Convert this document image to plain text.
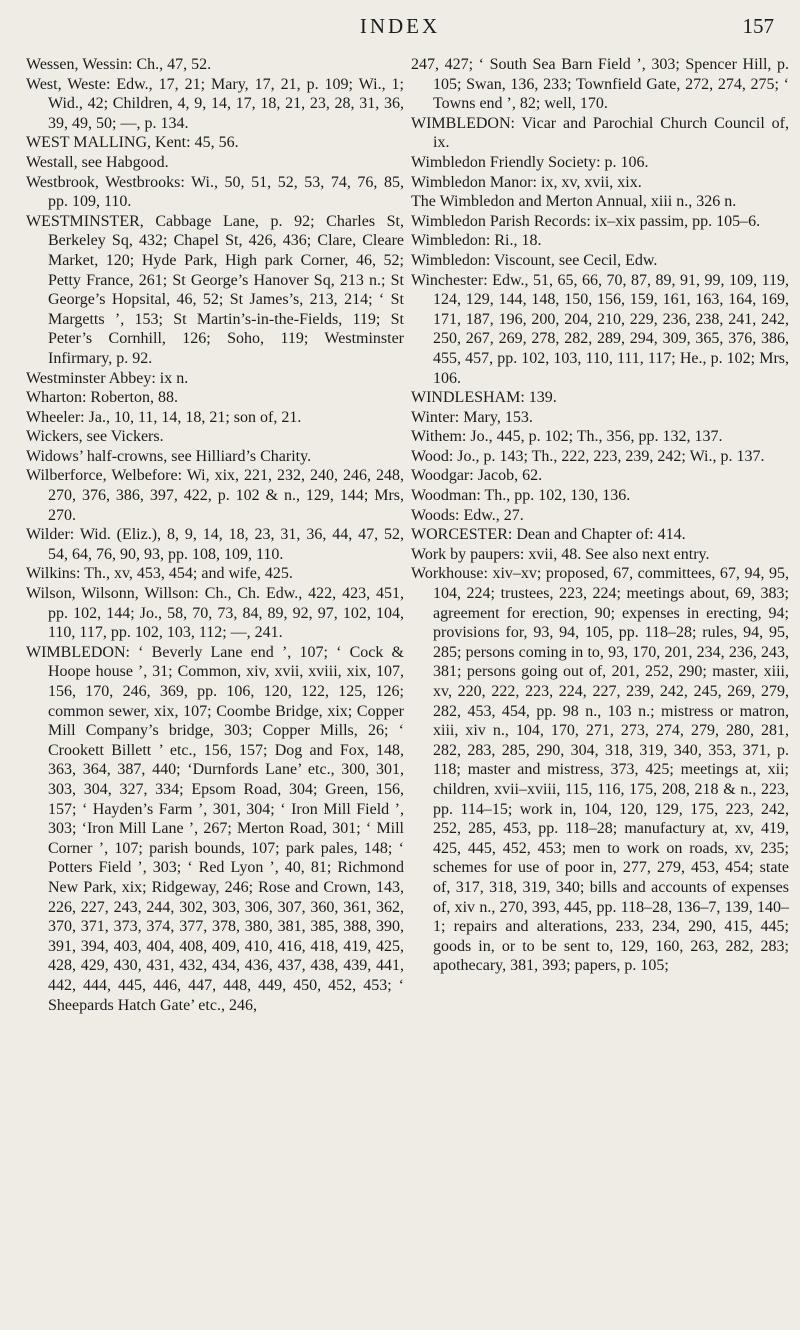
INDEX	157

Wessen, Wessin: Ch., 47, 52.

West, Weste: Edw., 17, 21; Mary, 17, 21, p. 109; Wi., 1; Wid., 42; Children, 4, 9, 14, 17, 18, 21, 23, 28, 31, 36, 39, 49, 50; —, p. 134.

WEST MALLING, Kent: 45, 56.

Westall, see Habgood.

Westbrook, Westbrooks: Wi., 50, 51, 52, 53, 74, 76, 85, pp. 109, 110.

WESTMINSTER, Cabbage Lane, p. 92; Charles St, Berkeley Sq, 432; Chapel St, 426, 436; Clare, Cleare Market, 120; Hyde Park, High park Corner, 46, 52; Petty France, 261; St George’s Hanover Sq, 213 n.; St George’s Hopsital, 46, 52; St James’s, 213, 214; ‘ St Margetts ’, 153; St Martin’s-in-the-Fields, 119; St Peter’s Cornhill, 126; Soho, 119; Westminster Infirmary, p. 92.

Westminster Abbey: ix n.

Wharton: Roberton, 88.

Wheeler: Ja., 10, 11, 14, 18, 21; son of, 21.

Wickers, see Vickers.

Widows’ half-crowns, see Hilliard’s Charity.

Wilberforce, Welbefore: Wi, xix, 221, 232, 240, 246, 248, 270, 376, 386, 397, 422, p. 102 & n., 129, 144; Mrs, 270.

Wilder: Wid. (Eliz.), 8, 9, 14, 18, 23, 31, 36, 44, 47, 52, 54, 64, 76, 90, 93, pp. 108, 109, 110.

Wilkins: Th., xv, 453, 454; and wife, 425.

Wilson, Wilsonn, Willson: Ch., Ch. Edw., 422, 423, 451, pp. 102, 144; Jo., 58, 70, 73, 84, 89, 92, 97, 102, 104, 110, 117, pp. 102, 103, 112; —, 241.

WIMBLEDON: ‘ Beverly Lane end ’, 107; ‘ Cock & Hoope house ’, 31; Common, xiv, xvii, xviii, xix, 107, 156, 170, 246, 369, pp. 106, 120, 122, 125, 126; common sewer, xix, 107; Coombe Bridge, xix; Copper Mill Company’s bridge, 303; Copper Mills, 26; ‘ Crookett Billett ’ etc., 156, 157; Dog and Fox, 148, 363, 364, 387, 440; ‘Durnfords Lane’ etc., 300, 301, 303, 304, 327, 334; Epsom Road, 304; Green, 156, 157; ‘ Hayden’s Farm ’, 301, 304; ‘ Iron Mill Field ’, 303; ‘Iron Mill Lane ’, 267; Merton Road, 301; ‘ Mill Corner ’, 107; parish bounds, 107; park pales, 148; ‘ Potters Field ’, 303; ‘ Red Lyon ’, 40, 81; Richmond New Park, xix; Ridgeway, 246; Rose and Crown, 143, 226, 227, 243, 244, 302, 303, 306, 307, 360, 361, 362, 370, 371, 373, 374, 377, 378, 380, 381, 385, 388, 390, 391, 394, 403, 404, 408, 409, 410, 416, 418, 419, 425, 428, 429, 430, 431, 432, 434, 436, 437, 438, 439, 441, 442, 444, 445, 446, 447, 448, 449, 450, 452, 453; ‘ Sheepards Hatch Gate’ etc., 246,

247, 427; ‘ South Sea Barn Field ’, 303; Spencer Hill, p. 105; Swan, 136, 233; Townfield Gate, 272, 274, 275; ‘ Towns end ’, 82; well, 170.

WIMBLEDON: Vicar and Parochial Church Council of, ix.

Wimbledon Friendly Society: p. 106.

Wimbledon Manor: ix, xv, xvii, xix.

The Wimbledon and Merton Annual, xiii n., 326 n.

Wimbledon Parish Records: ix–xix passim, pp. 105–6.

Wimbledon: Ri., 18.

Wimbledon: Viscount, see Cecil, Edw.

Winchester: Edw., 51, 65, 66, 70, 87, 89, 91, 99, 109, 119, 124, 129, 144, 148, 150, 156, 159, 161, 163, 164, 169, 171, 187, 196, 200, 204, 210, 229, 236, 238, 241, 242, 250, 267, 269, 278, 282, 289, 294, 309, 365, 376, 386, 455, 457, pp. 102, 103, 110, 111, 117; He., p. 102; Mrs, 106.

WINDLESHAM: 139.

Winter: Mary, 153.

Withem: Jo., 445, p. 102; Th., 356, pp. 132, 137.

Wood: Jo., p. 143; Th., 222, 223, 239, 242; Wi., p. 137.

Woodgar: Jacob, 62.

Woodman: Th., pp. 102, 130, 136.

Woods: Edw., 27.

WORCESTER: Dean and Chapter of: 414.

Work by paupers: xvii, 48. See also next entry.

Workhouse: xiv–xv; proposed, 67, committees, 67, 94, 95, 104, 224; trustees, 223, 224; meetings about, 69, 383; agreement for erection, 90; expenses in erecting, 94; provisions for, 93, 94, 105, pp. 118–28; rules, 94, 95, 285; persons coming in to, 93, 170, 201, 234, 236, 243, 381; persons going out of, 201, 252, 290; master, xiii, xv, 220, 222, 223, 224, 227, 239, 242, 245, 269, 279, 282, 453, 454, pp. 98 n., 103 n.; mistress or matron, xiii, xiv n., 104, 170, 271, 273, 274, 279, 280, 281, 282, 283, 285, 290, 304, 318, 319, 340, 353, 371, p. 118; master and mistress, 373, 425; meetings at, xii; children, xvii–xviii, 115, 116, 175, 208, 218 & n., 223, pp. 114–15; work in, 104, 120, 129, 175, 223, 242, 252, 285, 453, pp. 118–28; manufactury at, xv, 419, 425, 445, 452, 453; men to work on roads, xv, 235; schemes for use of poor in, 277, 279, 453, 454; state of, 317, 318, 319, 340; bills and accounts of expenses of, xiv n., 270, 393, 445, pp. 118–28, 136–7, 139, 140–1; repairs and alterations, 233, 234, 290, 415, 445; goods in, or to be sent to, 129, 160, 263, 282, 283; apothecary, 381, 393; papers, p. 105;
